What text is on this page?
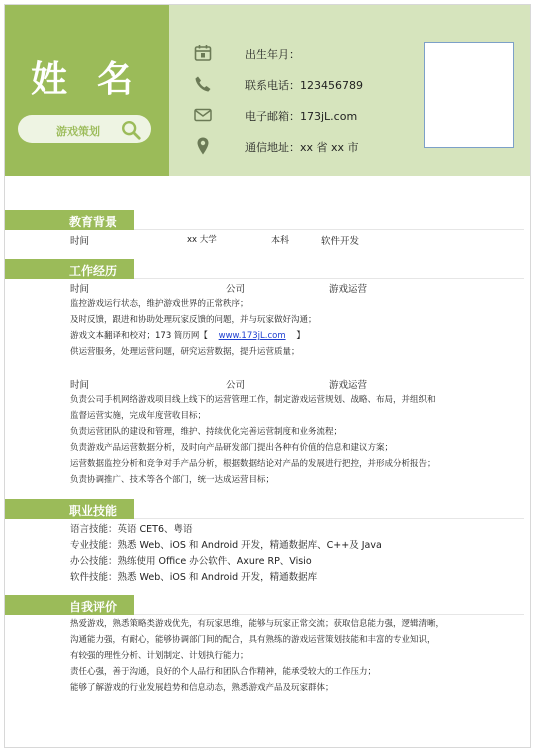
姓名
游戏策划
出生年月：
联系电话：123456789
电子邮箱：173jL.com
通信地址：xx 省 xx 市
教育背景
时间	xx 大学	本科	软件开发
工作经历
时间	公司	游戏运营
监控游戏运行状态，维护游戏世界的正常秩序；
及时反馈，跟进和协助处理玩家反馈的问题，并与玩家做好沟通；
游戏文本翻译和校对；173 简历网【 www.173jL.com 】
供运营服务，处理运营问题，研究运营数据，提升运营质量；
时间	公司	游戏运营
负责公司手机网络游戏项目线上线下的运营管理工作，制定游戏运营规划、战略、布局，并组织和
监督运营实施，完成年度营收目标；
负责运营团队的建设和管理，维护、持续优化完善运营制度和业务流程；
负责游戏产品运营数据分析，及时向产品研发部门提出各种有价值的信息和建议方案；
运营数据监控分析和竞争对手产品分析，根据数据结论对产品的发展进行把控，并形成分析报告；
负责协调推广、技术等各个部门，统一达成运营目标；
职业技能
语言技能：英语 CET6、粤语
专业技能：熟悉 Web、iOS 和 Android 开发，精通数据库、C++及 Java
办公技能：熟练使用 Office 办公软件、Axure RP、Visio
软件技能：熟悉 Web、iOS 和 Android 开发，精通数据库
自我评价
热爱游戏，熟悉策略类游戏优先，有玩家思维，能够与玩家正常交流；获取信息能力强，逻辑清晰，
沟通能力强，有耐心，能够协调部门间的配合，具有熟练的游戏运营策划技能和丰富的专业知识，
有较强的理性分析、计划制定、计划执行能力；
责任心强，善于沟通，良好的个人品行和团队合作精神，能承受较大的工作压力；
能够了解游戏的行业发展趋势和信息动态，熟悉游戏产品及玩家群体；
